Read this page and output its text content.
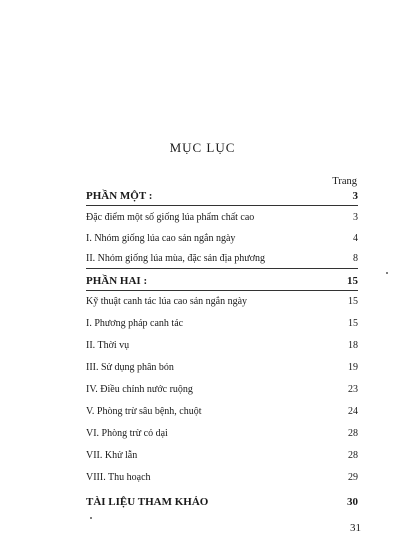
MỤC LỤC
Trang
PHẦN MỘT :	3
Đặc điểm một số giống lúa phẩm chất cao	3
I. Nhóm giống lúa cao sản ngắn ngày	4
II. Nhóm giống lúa mùa, đặc sản địa phương	8
PHẦN HAI :	15
Kỹ thuật canh tác lúa cao sản ngắn ngày	15
I. Phương pháp canh tác	15
II. Thời vụ	18
III. Sử dụng phân bón	19
IV. Điều chỉnh nước ruộng	23
V. Phòng trừ sâu bệnh, chuột	24
VI. Phòng trừ cỏ dại	28
VII. Khử lẫn	28
VIII. Thu hoạch	29
TÀI LIỆU THAM KHẢO	30
31
